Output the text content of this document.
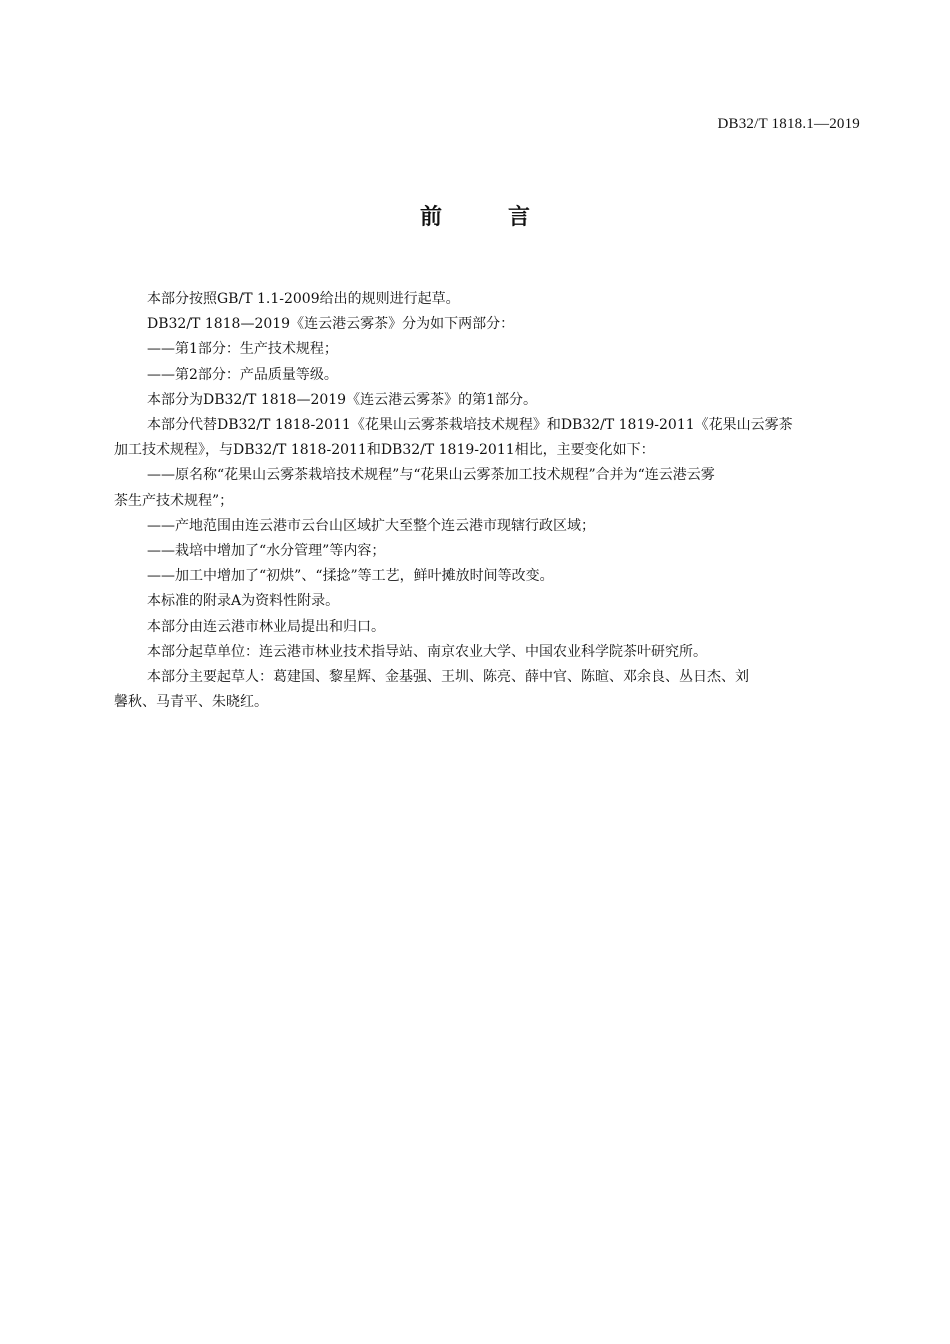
DB32/T 1818.1—2019
前言

本部分按照GB/T 1.1-2009给出的规则进行起草。

DB32/T 1818—2019《连云港云雾茶》分为如下两部分：

——第1部分：生产技术规程；

——第2部分：产品质量等级。

本部分为DB32/T 1818—2019《连云港云雾茶》的第1部分。

本部分代替DB32/T 1818-2011《花果山云雾茶栽培技术规程》和DB32/T 1819-2011《花果山云雾茶
加工技术规程》，与DB32/T 1818-2011和DB32/T 1819-2011相比，主要变化如下：

——原名称“花果山云雾茶栽培技术规程”与“花果山云雾茶加工技术规程”合并为“连云港云雾
茶生产技术规程”；

——产地范围由连云港市云台山区域扩大至整个连云港市现辖行政区域；

——栽培中增加了“水分管理”等内容；

——加工中增加了“初烘”、“揉捻”等工艺，鲜叶摊放时间等改变。

本标准的附录A为资料性附录。

本部分由连云港市林业局提出和归口。

本部分起草单位：连云港市林业技术指导站、南京农业大学、中国农业科学院茶叶研究所。

本部分主要起草人：葛建国、黎星辉、金基强、王圳、陈亮、薛中官、陈暄、邓余良、丛日杰、刘
馨秋、马青平、朱晓红。
